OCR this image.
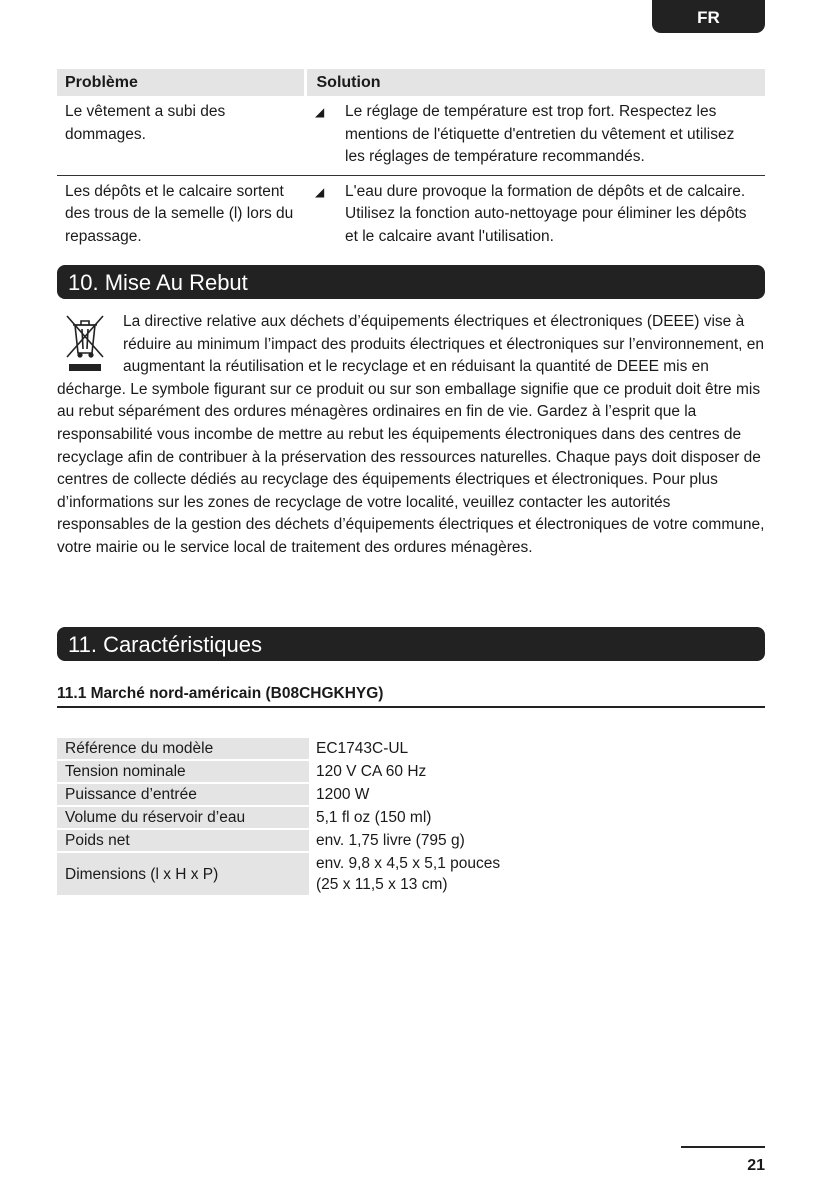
FR
Problème	Solution
Le vêtement a subi des dommages.	◢ Le réglage de température est trop fort. Respectez les mentions de l'étiquette d'entretien du vêtement et utilisez les réglages de température recommandés.

Les dépôts et le calcaire sortent des trous de la semelle (l) lors du repassage.	◢ L'eau dure provoque la formation de dépôts et de calcaire. Utilisez la fonction auto-nettoyage pour éliminer les dépôts et le calcaire avant l'utilisation.
10. Mise Au Rebut
La directive relative aux déchets d’équipements électriques et électroniques (DEEE) vise à réduire au minimum l’impact des produits électriques et électroniques sur l’environnement, en augmentant la réutilisation et le recyclage et en réduisant la quantité de DEEE mis en décharge. Le symbole figurant sur ce produit ou sur son emballage signifie que ce produit doit être mis au rebut séparément des ordures ménagères ordinaires en fin de vie. Gardez à l’esprit que la responsabilité vous incombe de mettre au rebut les équipements électroniques dans des centres de recyclage afin de contribuer à la préservation des ressources naturelles. Chaque pays doit disposer de centres de collecte dédiés au recyclage des équipements électriques et électroniques. Pour plus d’informations sur les zones de recyclage de votre localité, veuillez contacter les autorités responsables de la gestion des déchets d’équipements électriques et électroniques de votre commune, votre mairie ou le service local de traitement des ordures ménagères.
11. Caractéristiques
11.1 Marché nord-américain (B08CHGKHYG)
Référence du modèle	EC1743C-UL
Tension nominale	120 V CA 60 Hz
Puissance d’entrée	1200 W
Volume du réservoir d’eau	5,1 fl oz (150 ml)
Poids net	env. 1,75 livre (795 g)
Dimensions (l x H x P)	env. 9,8 x 4,5 x 5,1 pouces
(25 x 11,5 x 13 cm)
21
